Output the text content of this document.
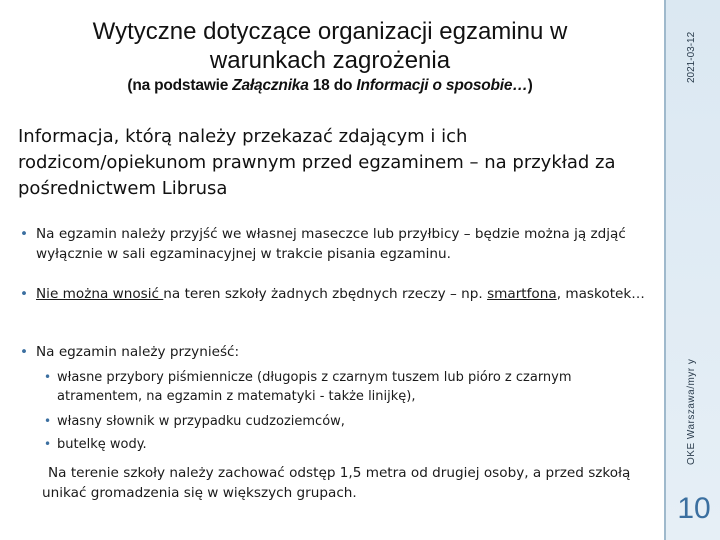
2021-03-12
OKE Warszawa/myr y
10
Wytyczne dotyczące organizacji egzaminu w
warunkach zagrożenia
(na podstawie Załącznika 18 do Informacji o sposobie…)
Informacja, którą należy przekazać zdającym i ich rodzicom/opiekunom prawnym przed egzaminem – na przykład za pośrednictwem Librusa
• Na egzamin należy przyjść we własnej maseczce lub przyłbicy – będzie można ją zdjąć wyłącznie w sali egzaminacyjnej w trakcie pisania egzaminu.
• Nie można wnosić na teren szkoły żadnych zbędnych rzeczy – np. smartfona, maskotek…
• Na egzamin należy przynieść:
• własne przybory piśmiennicze (długopis z czarnym tuszem lub pióro z czarnym atramentem, na egzamin z matematyki - także linijkę),
• własny słownik w przypadku cudzoziemców,
• butelkę wody.
Na terenie szkoły należy zachować odstęp 1,5 metra od drugiej osoby, a przed szkołą unikać gromadzenia się w większych grupach.
